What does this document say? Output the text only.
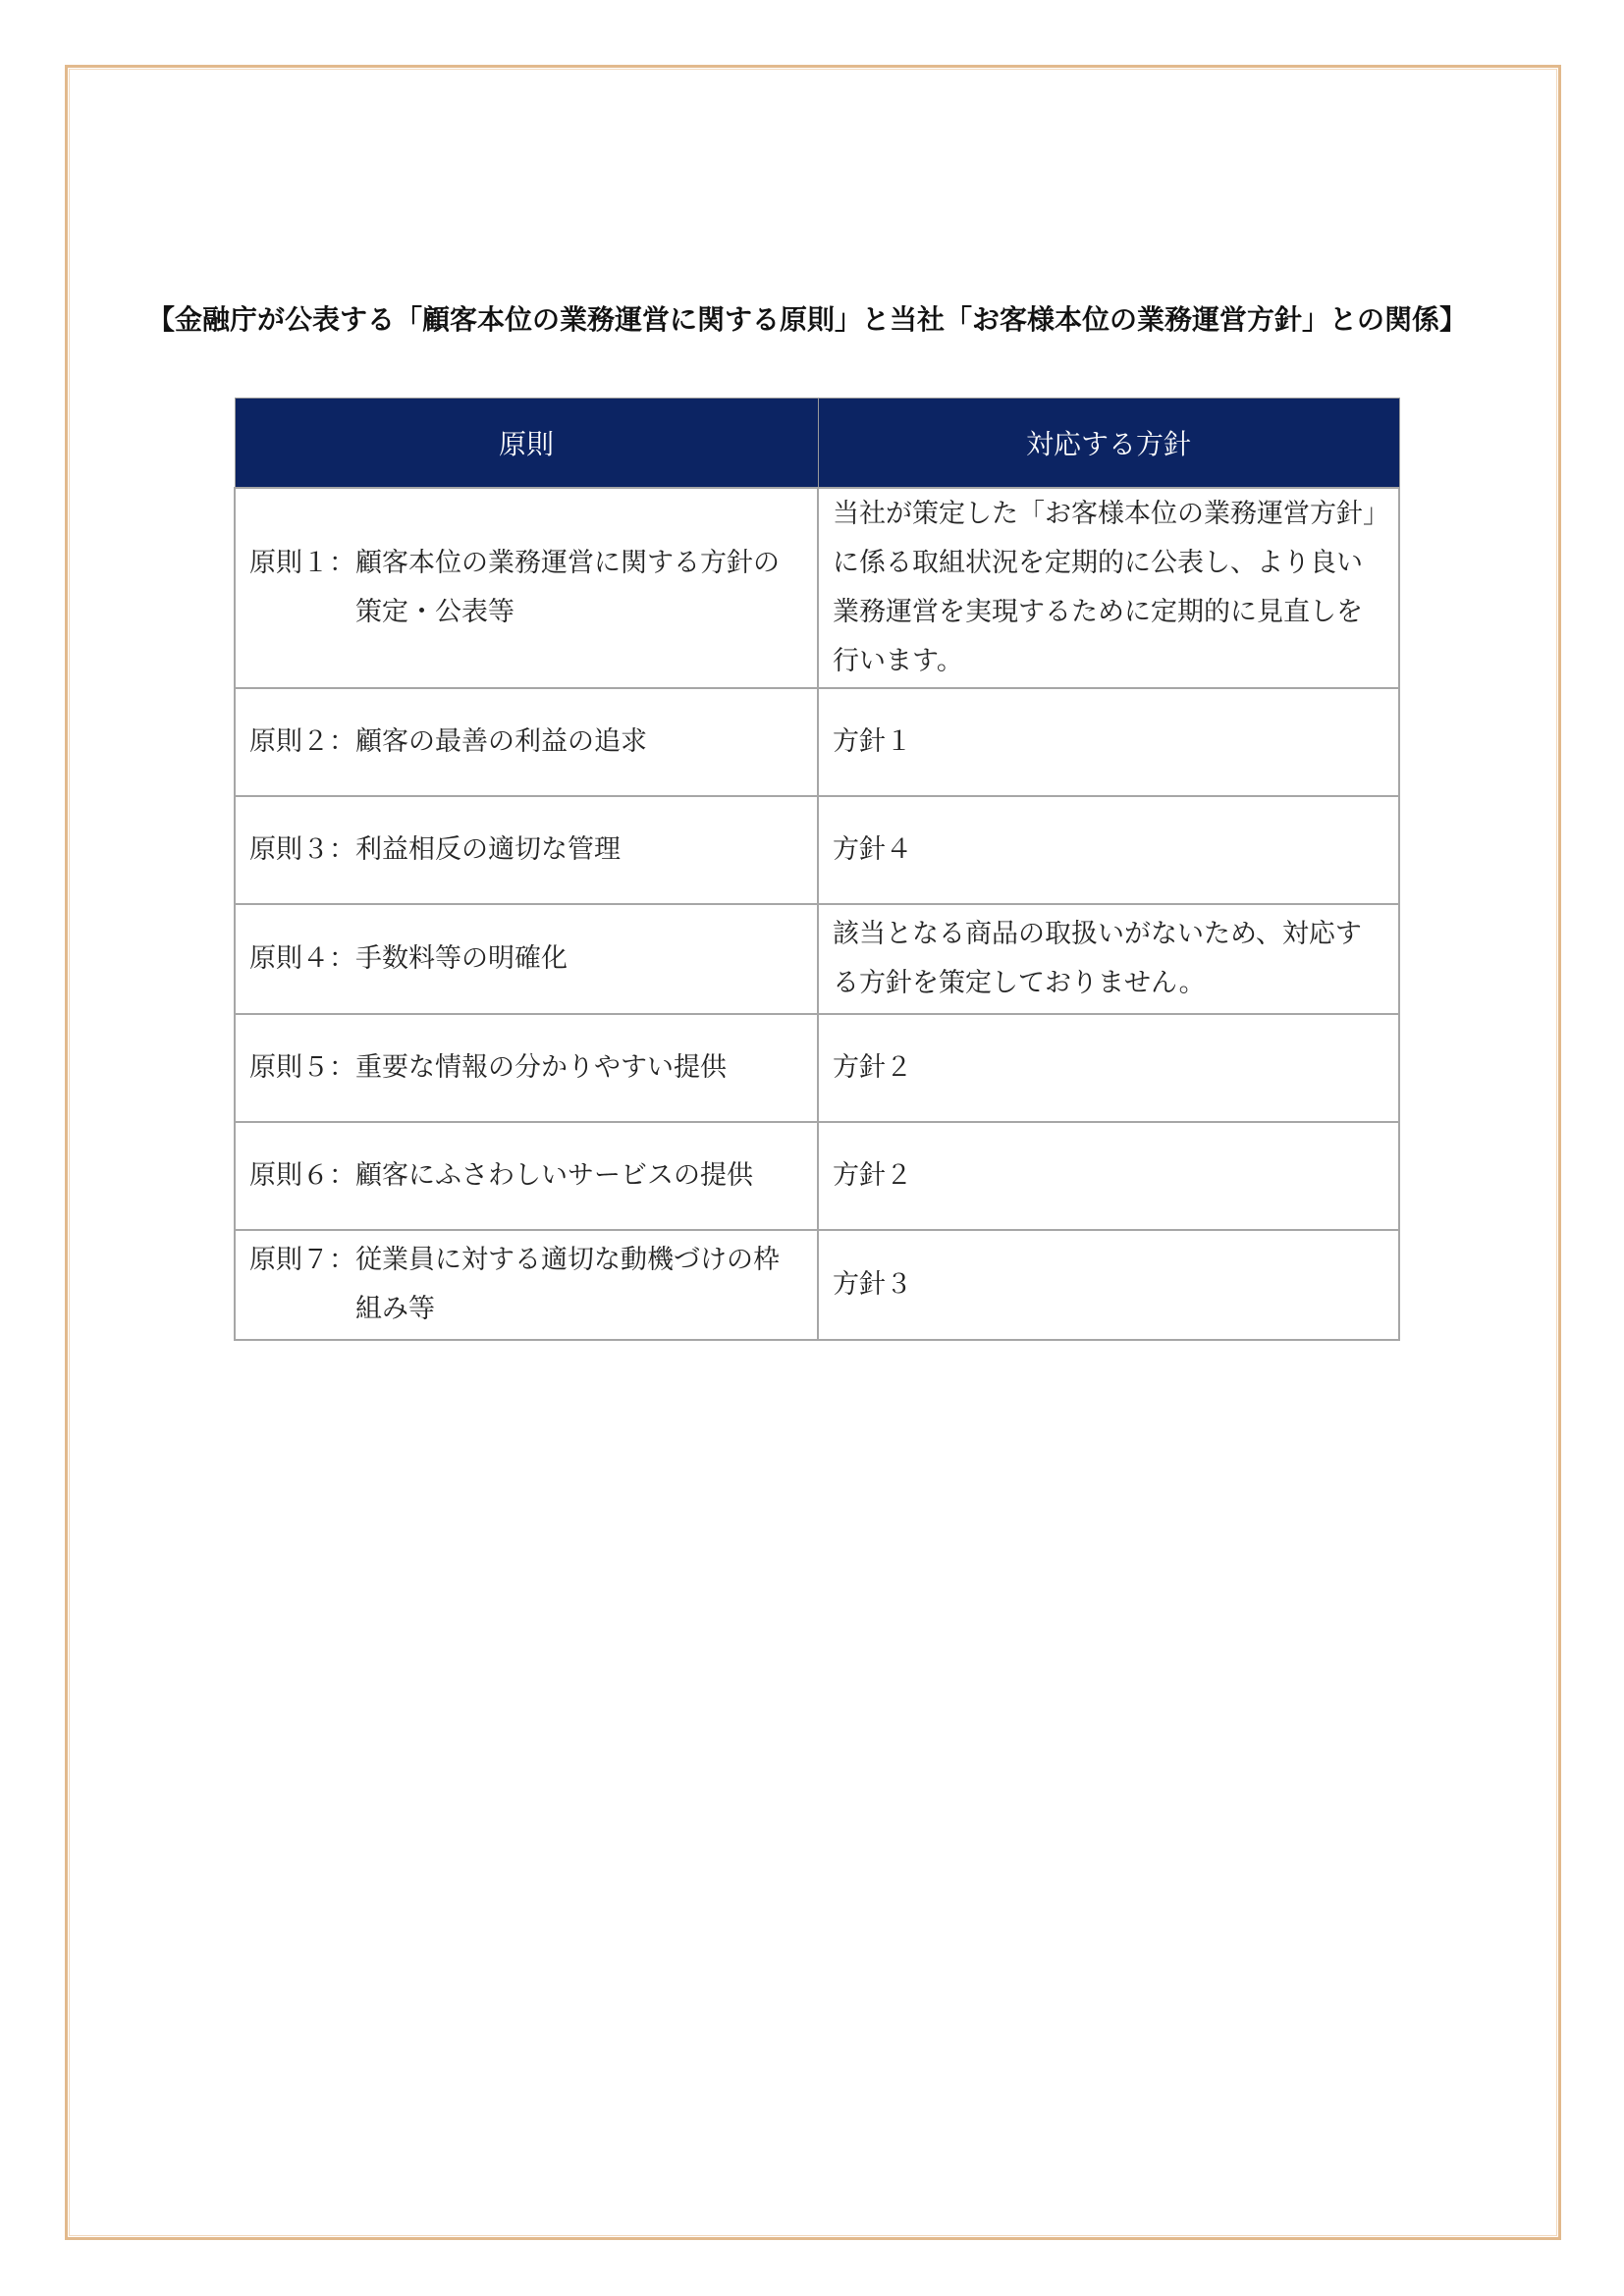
【金融庁が公表する「顧客本位の業務運営に関する原則」と当社「お客様本位の業務運営方針」との関係】
原則	対応する方針

原則１： 顧客本位の業務運営に関する方針の策定・公表等	当社が策定した「お客様本位の業務運営方針」に係る取組状況を定期的に公表し、より良い業務運営を実現するために定期的に見直しを行います。

原則２： 顧客の最善の利益の追求	方針１

原則３： 利益相反の適切な管理	方針４

原則４： 手数料等の明確化	該当となる商品の取扱いがないため、対応する方針を策定しておりません。

原則５： 重要な情報の分かりやすい提供	方針２

原則６： 顧客にふさわしいサービスの提供	方針２

原則７： 従業員に対する適切な動機づけの枠組み等	方針３
